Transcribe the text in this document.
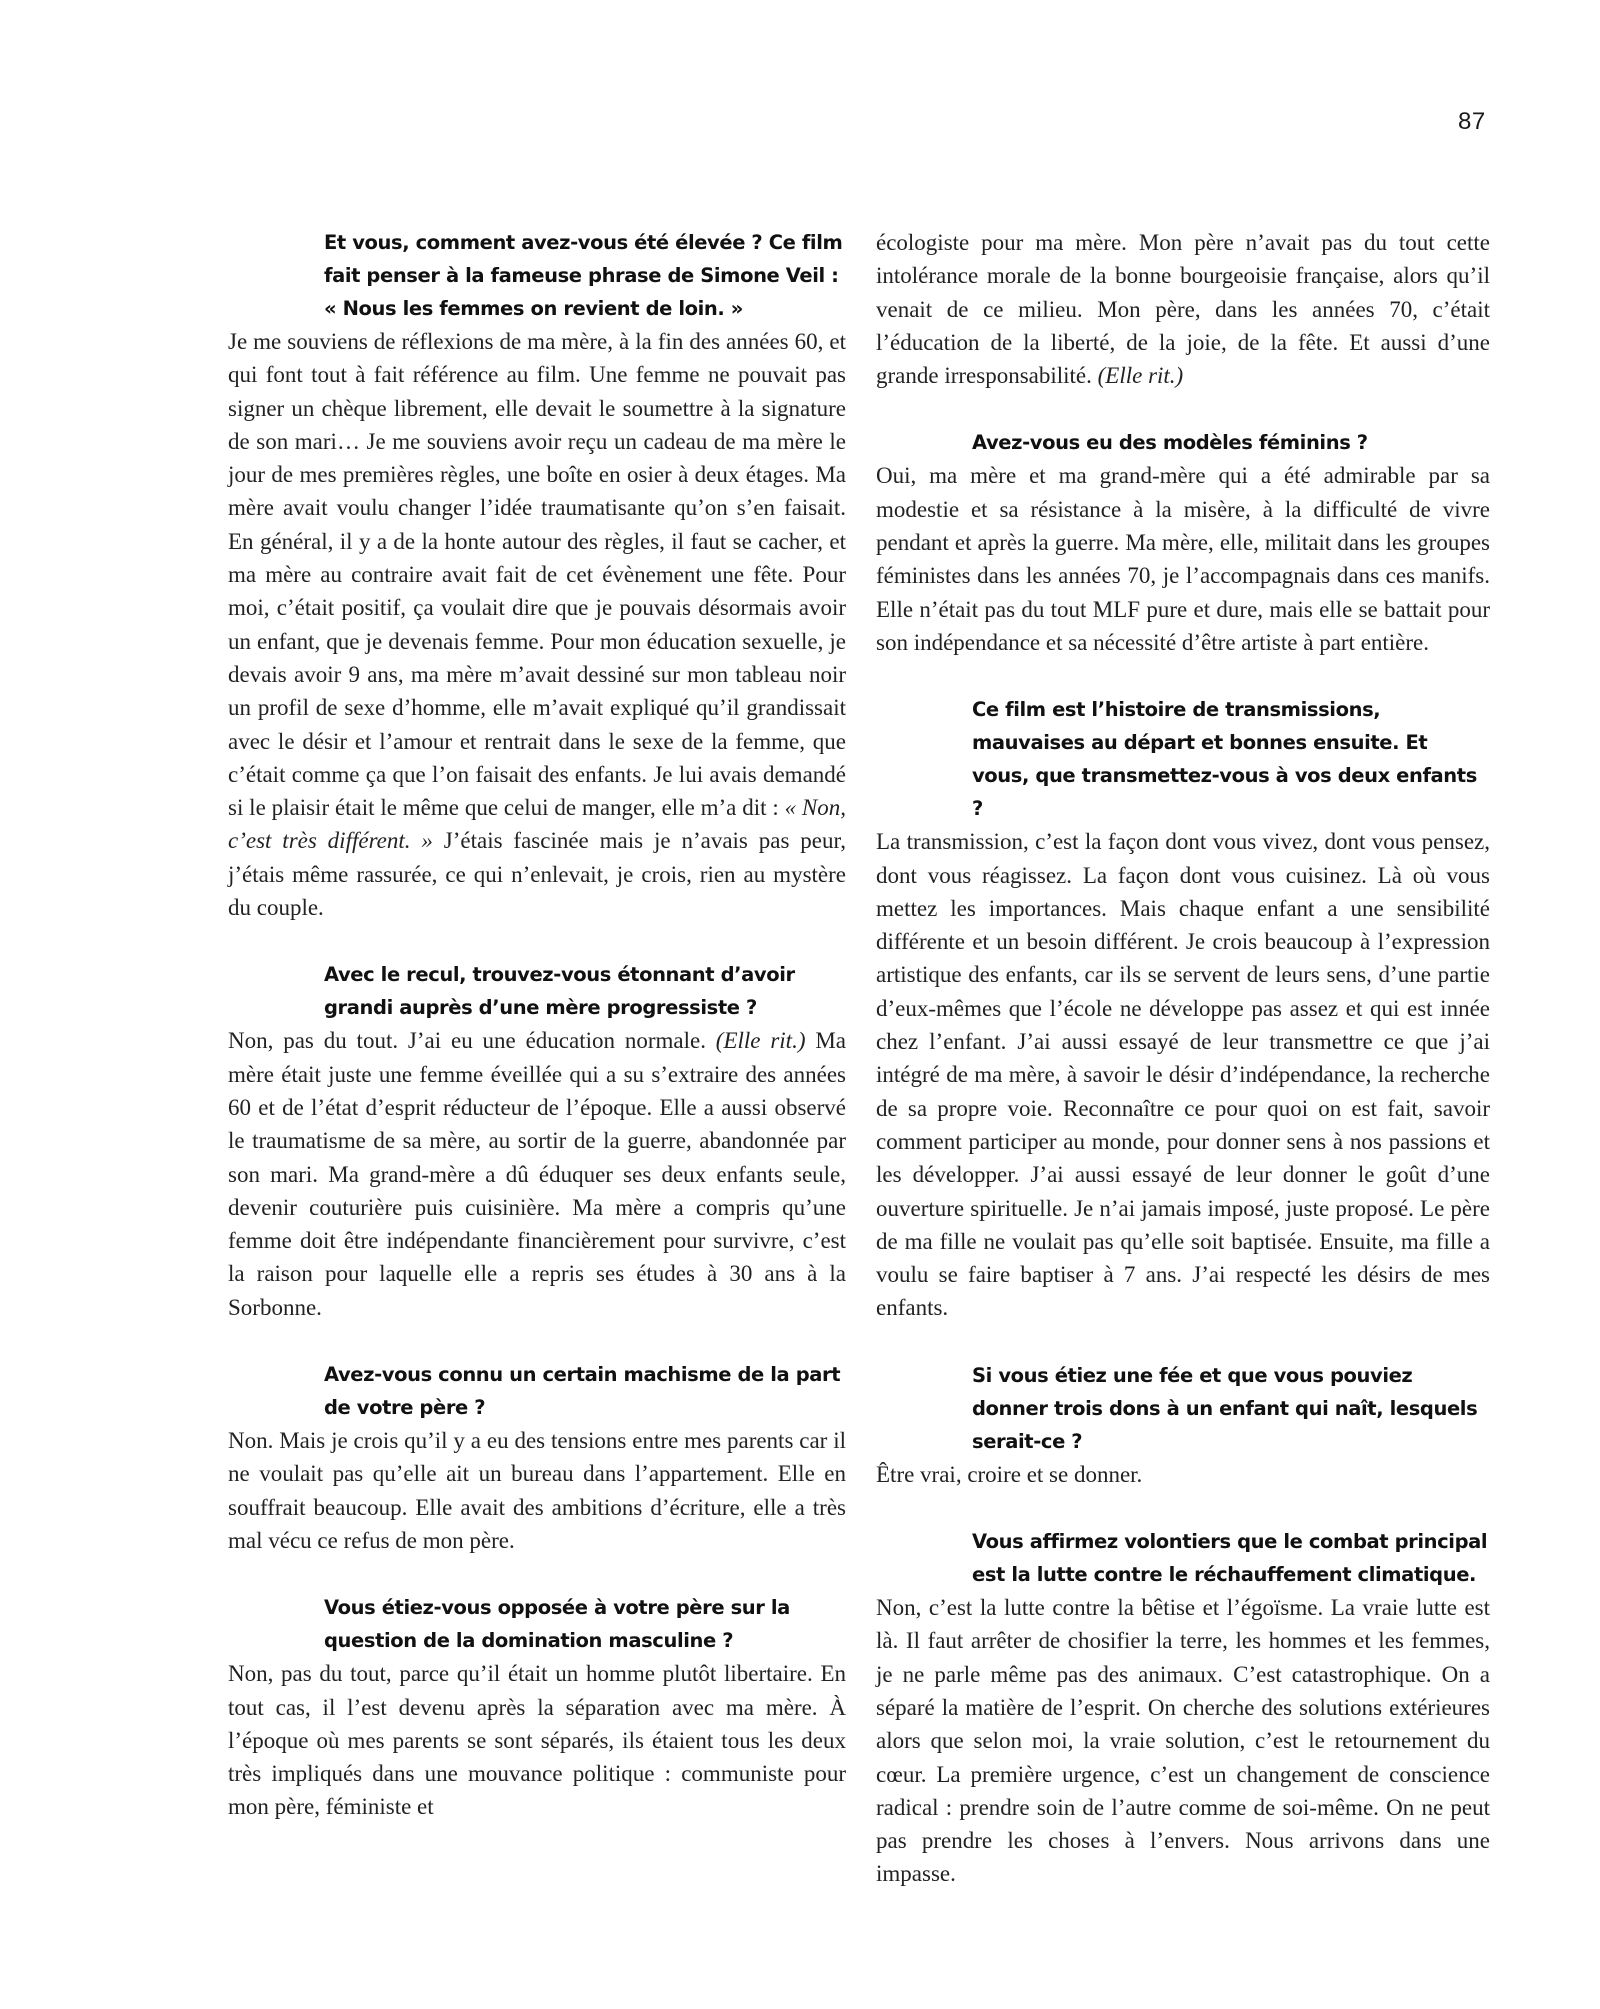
87
Et vous, comment avez-vous été élevée ? Ce film fait penser à la fameuse phrase de Simone Veil : « Nous les femmes on revient de loin. »

Je me souviens de réflexions de ma mère, à la fin des années 60, et qui font tout à fait référence au film. Une femme ne pouvait pas signer un chèque librement, elle devait le soumettre à la signature de son mari… Je me souviens avoir reçu un cadeau de ma mère le jour de mes premières règles, une boîte en osier à deux étages. Ma mère avait voulu changer l’idée traumatisante qu’on s’en faisait. En général, il y a de la honte autour des règles, il faut se cacher, et ma mère au contraire avait fait de cet évènement une fête. Pour moi, c’était positif, ça voulait dire que je pouvais désormais avoir un enfant, que je devenais femme. Pour mon éducation sexuelle, je devais avoir 9 ans, ma mère m’avait dessiné sur mon tableau noir un profil de sexe d’homme, elle m’avait expliqué qu’il grandissait avec le désir et l’amour et rentrait dans le sexe de la femme, que c’était comme ça que l’on faisait des enfants. Je lui avais demandé si le plaisir était le même que celui de manger, elle m’a dit : « Non, c’est très différent. » J’étais fascinée mais je n’avais pas peur, j’étais même rassurée, ce qui n’enlevait, je crois, rien au mystère du couple.

Avec le recul, trouvez-vous étonnant d’avoir grandi auprès d’une mère progressiste ?

Non, pas du tout. J’ai eu une éducation normale. (Elle rit.) Ma mère était juste une femme éveillée qui a su s’extraire des années 60 et de l’état d’esprit réducteur de l’époque. Elle a aussi observé le traumatisme de sa mère, au sortir de la guerre, abandonnée par son mari. Ma grand-mère a dû éduquer ses deux enfants seule, devenir couturière puis cuisinière. Ma mère a compris qu’une femme doit être indépendante financièrement pour survivre, c’est la raison pour laquelle elle a repris ses études à 30 ans à la Sorbonne.

Avez-vous connu un certain machisme de la part de votre père ?

Non. Mais je crois qu’il y a eu des tensions entre mes parents car il ne voulait pas qu’elle ait un bureau dans l’appartement. Elle en souffrait beaucoup. Elle avait des ambitions d’écriture, elle a très mal vécu ce refus de mon père.

Vous étiez-vous opposée à votre père sur la question de la domination masculine ?

Non, pas du tout, parce qu’il était un homme plutôt libertaire. En tout cas, il l’est devenu après la séparation avec ma mère. À l’époque où mes parents se sont séparés, ils étaient tous les deux très impliqués dans une mouvance politique : communiste pour mon père, féministe et

écologiste pour ma mère. Mon père n’avait pas du tout cette intolérance morale de la bonne bourgeoisie française, alors qu’il venait de ce milieu. Mon père, dans les années 70, c’était l’éducation de la liberté, de la joie, de la fête. Et aussi d’une grande irresponsabilité. (Elle rit.)

Avez-vous eu des modèles féminins ?

Oui, ma mère et ma grand-mère qui a été admirable par sa modestie et sa résistance à la misère, à la difficulté de vivre pendant et après la guerre. Ma mère, elle, militait dans les groupes féministes dans les années 70, je l’accompagnais dans ces manifs. Elle n’était pas du tout MLF pure et dure, mais elle se battait pour son indépendance et sa nécessité d’être artiste à part entière.

Ce film est l’histoire de transmissions, mauvaises au départ et bonnes ensuite. Et vous, que transmettez-vous à vos deux enfants ?

La transmission, c’est la façon dont vous vivez, dont vous pensez, dont vous réagissez. La façon dont vous cuisinez. Là où vous mettez les importances. Mais chaque enfant a une sensibilité différente et un besoin différent. Je crois beaucoup à l’expression artistique des enfants, car ils se servent de leurs sens, d’une partie d’eux-mêmes que l’école ne développe pas assez et qui est innée chez l’enfant. J’ai aussi essayé de leur transmettre ce que j’ai intégré de ma mère, à savoir le désir d’indépendance, la recherche de sa propre voie. Reconnaître ce pour quoi on est fait, savoir comment participer au monde, pour donner sens à nos passions et les développer. J’ai aussi essayé de leur donner le goût d’une ouverture spirituelle. Je n’ai jamais imposé, juste proposé. Le père de ma fille ne voulait pas qu’elle soit baptisée. Ensuite, ma fille a voulu se faire baptiser à 7 ans. J’ai respecté les désirs de mes enfants.

Si vous étiez une fée et que vous pouviez donner trois dons à un enfant qui naît, lesquels serait-ce ?

Être vrai, croire et se donner.

Vous affirmez volontiers que le combat principal est la lutte contre le réchauffement climatique.

Non, c’est la lutte contre la bêtise et l’égoïsme. La vraie lutte est là. Il faut arrêter de chosifier la terre, les hommes et les femmes, je ne parle même pas des animaux. C’est catastrophique. On a séparé la matière de l’esprit. On cherche des solutions extérieures alors que selon moi, la vraie solution, c’est le retournement du cœur. La première urgence, c’est un changement de conscience radical : prendre soin de l’autre comme de soi-même. On ne peut pas prendre les choses à l’envers. Nous arrivons dans une impasse.
